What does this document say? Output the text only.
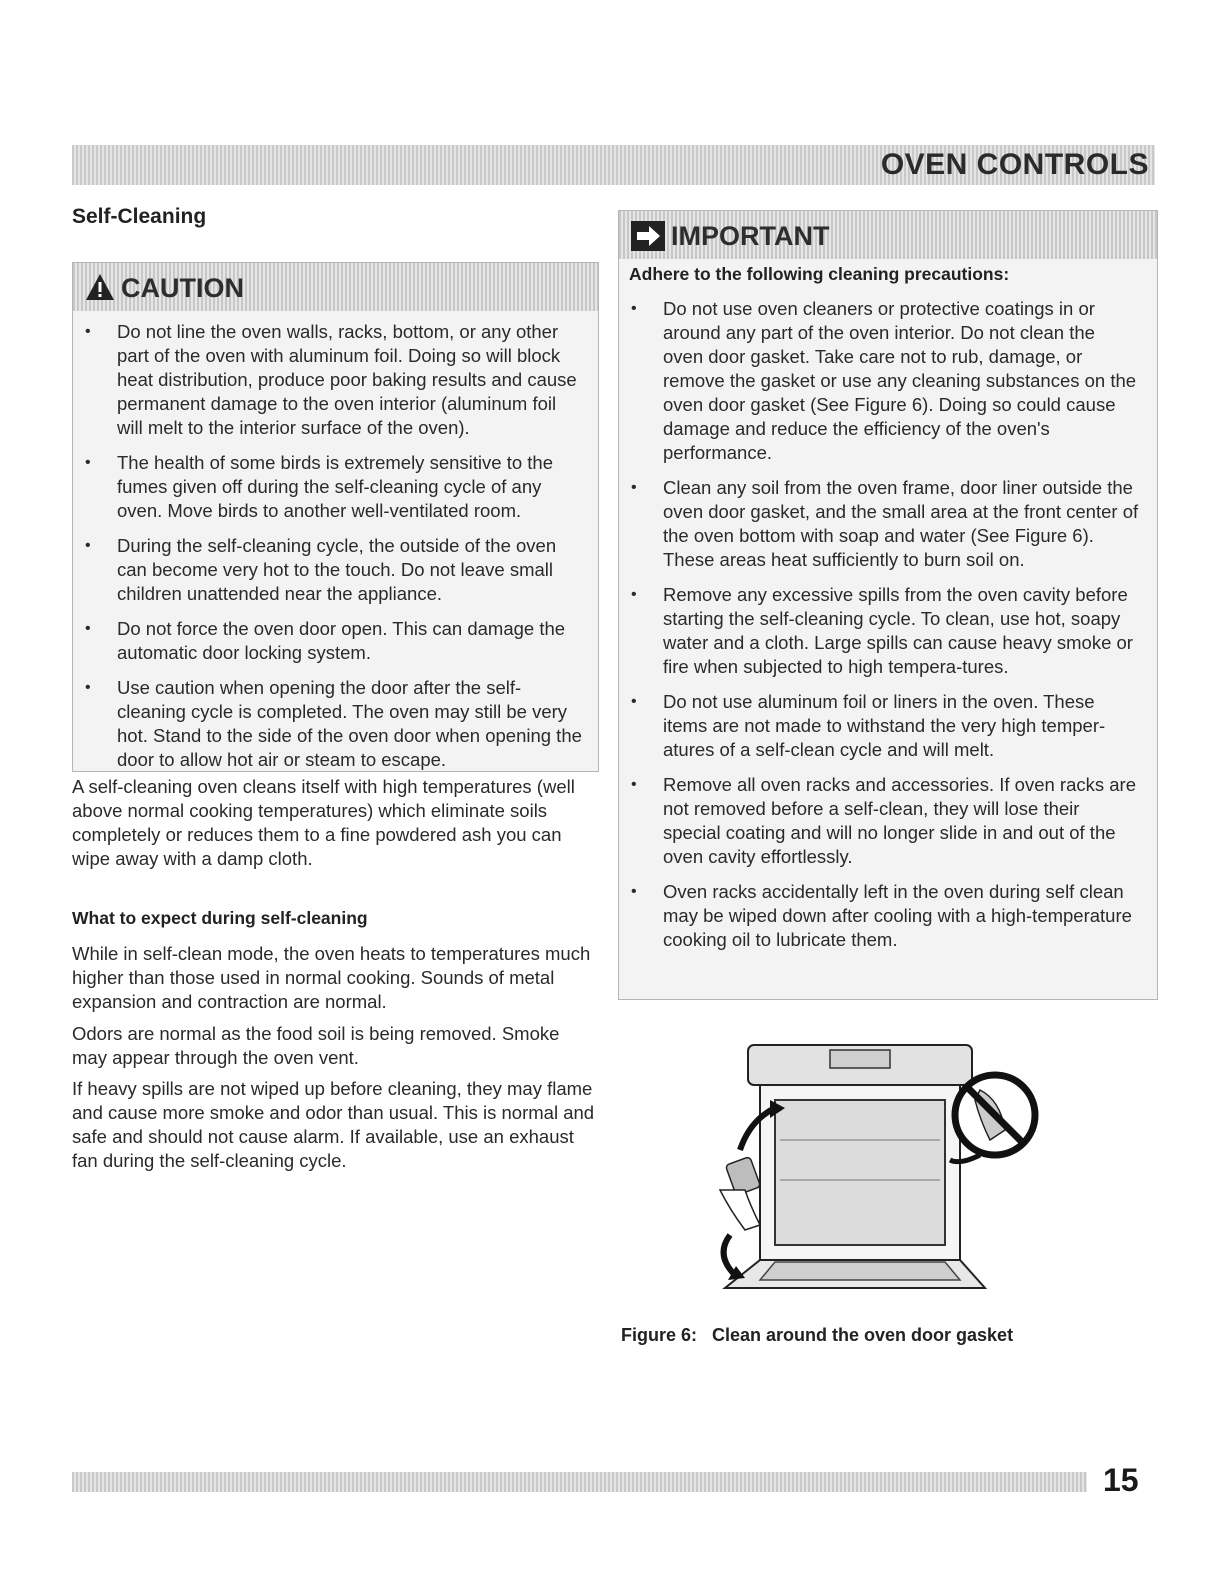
OVEN CONTROLS
Self-Cleaning
CAUTION
• Do not line the oven walls, racks, bottom, or any other part of the oven with aluminum foil. Doing so will block heat distribution, produce poor baking results and cause permanent damage to the oven interior (aluminum foil will melt to the interior surface of the oven).
• The health of some birds is extremely sensitive to the fumes given off during the self-cleaning cycle of any oven. Move birds to another well-ventilated room.
• During the self-cleaning cycle, the outside of the oven can become very hot to the touch. Do not leave small children unattended near the appliance.
• Do not force the oven door open. This can damage the automatic door locking system.
• Use caution when opening the door after the self-cleaning cycle is completed. The oven may still be very hot. Stand to the side of the oven door when opening the door to allow hot air or steam to escape.
A self-cleaning oven cleans itself with high temperatures (well above normal cooking temperatures) which eliminate soils completely or reduces them to a fine powdered ash you can wipe away with a damp cloth.
What to expect during self-cleaning
While in self-clean mode, the oven heats to temperatures much higher than those used in normal cooking. Sounds of metal expansion and contraction are normal.
Odors are normal as the food soil is being removed. Smoke may appear through the oven vent.
If heavy spills are not wiped up before cleaning, they may flame and cause more smoke and odor than usual. This is normal and safe and should not cause alarm. If available, use an exhaust fan during the self-cleaning cycle.
IMPORTANT
Adhere to the following cleaning precautions:
• Do not use oven cleaners or protective coatings in or around any part of the oven interior. Do not clean the oven door gasket. Take care not to rub, damage, or remove the gasket or use any cleaning substances on the oven door gasket (See Figure 6). Doing so could cause damage and reduce the efficiency of the oven's performance.
• Clean any soil from the oven frame, door liner outside the oven door gasket, and the small area at the front center of the oven bottom with soap and water (See Figure 6). These areas heat sufficiently to burn soil on.
• Remove any excessive spills from the oven cavity before starting the self-cleaning cycle. To clean, use hot, soapy water and a cloth. Large spills can cause heavy smoke or fire when subjected to high tempera-tures.
• Do not use aluminum foil or liners in the oven. These items are not made to withstand the very high temper-atures of a self-clean cycle and will melt.
• Remove all oven racks and accessories. If oven racks are not removed before a self-clean, they will lose their special coating and will no longer slide in and out of the oven cavity effortlessly.
• Oven racks accidentally left in the oven during self clean may be wiped down after cooling with a high-temperature cooking oil to lubricate them.
Figure 6:   Clean around the oven door gasket
15
